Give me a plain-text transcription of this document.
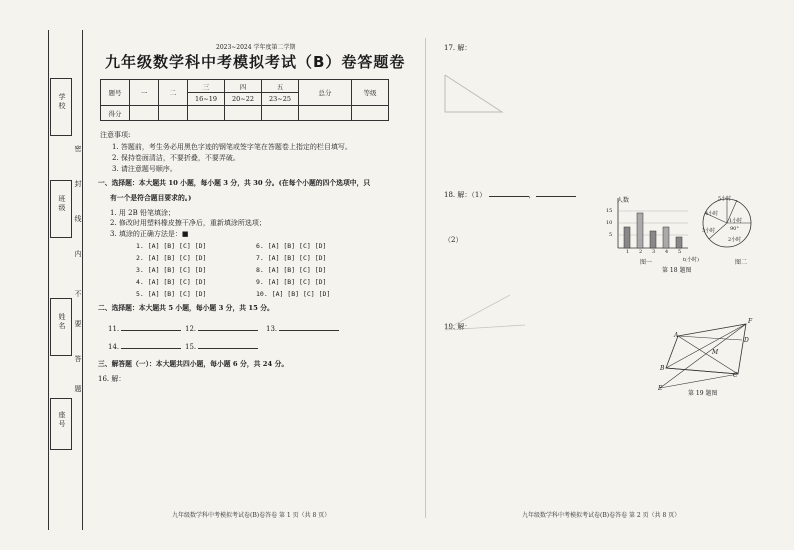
学校
班级
姓名
座号
密
封
线
内
不
要
答
题
2023~2024 学年度第二学期
九年级数学科中考模拟考试（B）卷答题卷
题号	一	二	三	四	五	总分	等级
			16~19	20~22	23~25		
得分							
注意事项:
1. 答题前，考生务必用黑色字迹的钢笔或签字笔在答题卷上指定的栏目填写。
2. 保持卷面清洁，不要折叠，不要弄破。
3. 请注意题号顺序。
一、选择题：本大题共 10 小题，每小题 3 分，共 30 分。(在每个小题的四个选项中，只
有一个是符合题目要求的。)
1. 用 2B 铅笔填涂；
2. 修改时用塑料橡皮擦干净后，重新填涂所选项；
3. 填涂的正确方法是：■
1. [A] [B] [C] [D]
2. [A] [B] [C] [D]
3. [A] [B] [C] [D]
4. [A] [B] [C] [D]
5. [A] [B] [C] [D]
6. [A] [B] [C] [D]
7. [A] [B] [C] [D]
8. [A] [B] [C] [D]
9. [A] [B] [C] [D]
10. [A] [B] [C] [D]
二、选择题：本大题共 5 小题，每小题 3 分，共 15 分。
11.	12.	13.
14.	15.
三、解答题（一）：本大题共四小题，每小题 6 分，共 24 分。
16. 解：
17. 解：
18. 解：（1）	，
（2）
人数
15
10
5
1 2 3 4 5
t(小时)
图一
5小时
4小时
1小时
3小时	90°
2小时
图二
第 18 题图
19. 解：
A
F
D
M
B
C
E
第 19 题图
九年级数学科中考模拟考试卷(B)卷答卷 第 1 页（共 8 页）	九年级数学科中考模拟考试卷(B)卷答卷 第 2 页（共 8 页）
